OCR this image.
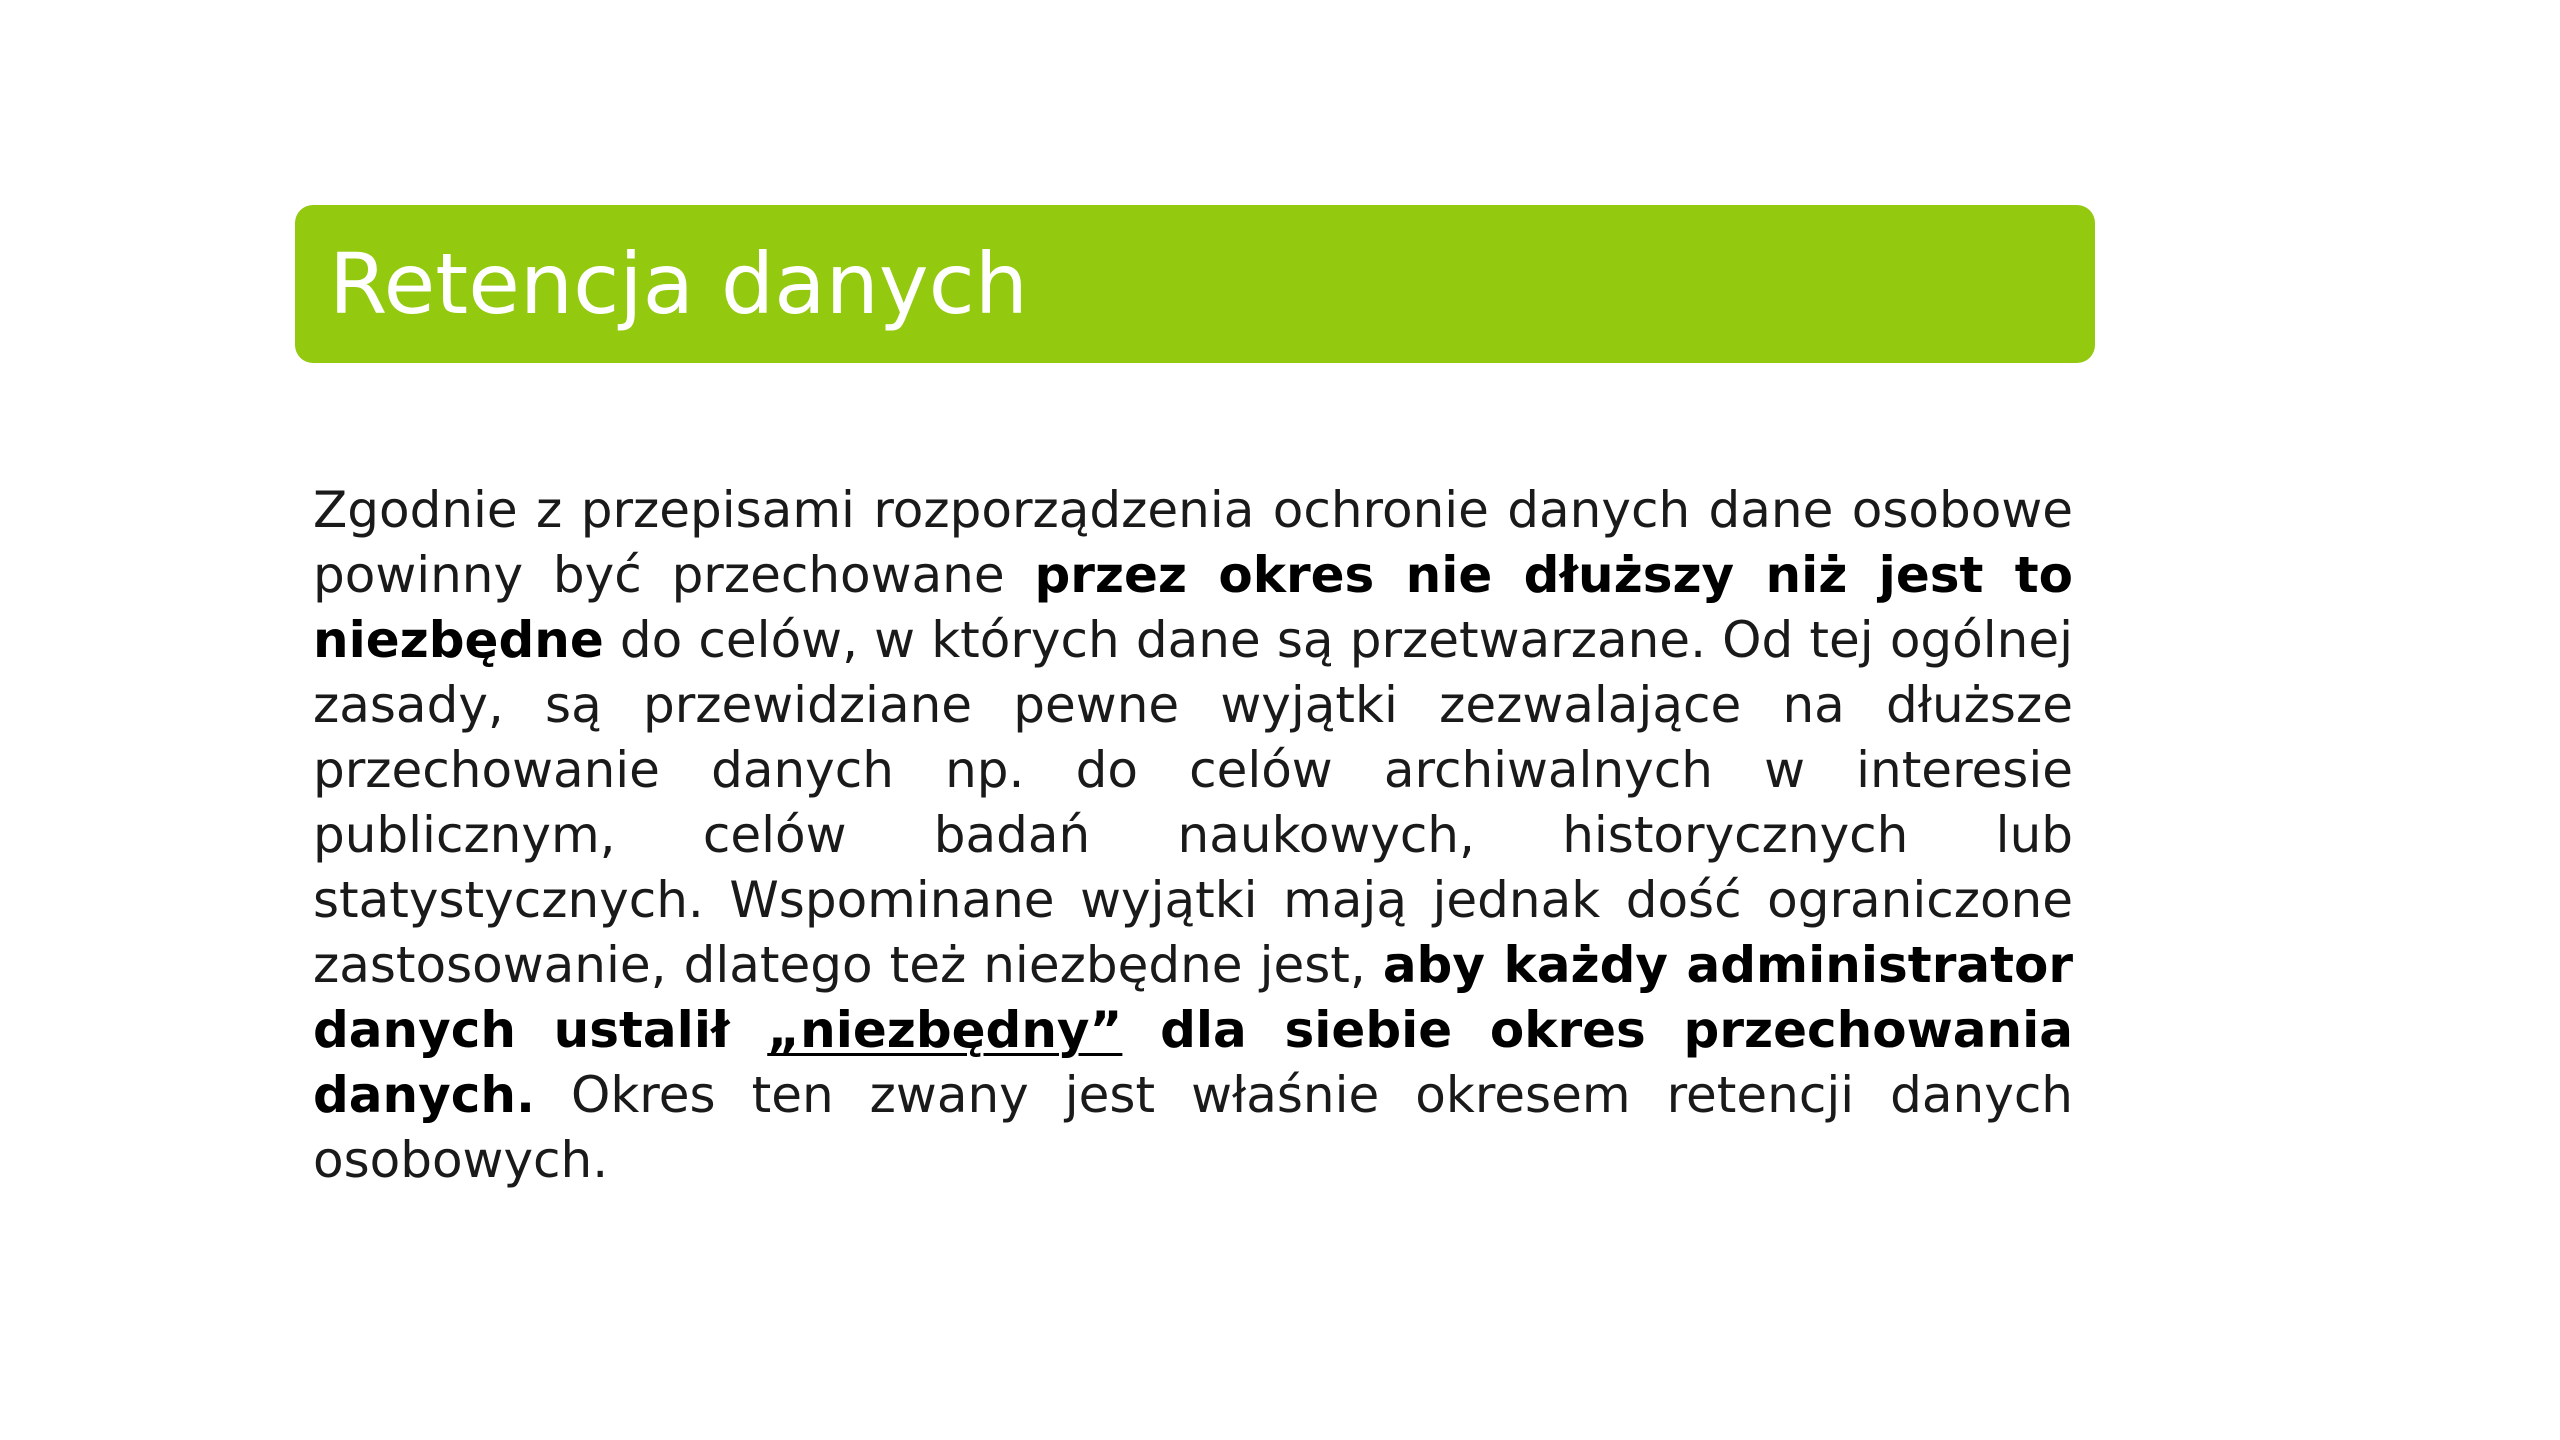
Retencja danych

Zgodnie z przepisami rozporządzenia ochronie danych dane osobowe powinny być przechowane przez okres nie dłuższy niż jest to niezbędne do celów, w których dane są przetwarzane. Od tej ogólnej zasady, są przewidziane pewne wyjątki zezwalające na dłuższe przechowanie danych np. do celów archiwalnych w interesie publicznym, celów badań naukowych, historycznych lub statystycznych. Wspominane wyjątki mają jednak dość ograniczone zastosowanie, dlatego też niezbędne jest, aby każdy administrator danych ustalił „niezbędny” dla siebie okres przechowania danych. Okres ten zwany jest właśnie okresem retencji danych osobowych.
